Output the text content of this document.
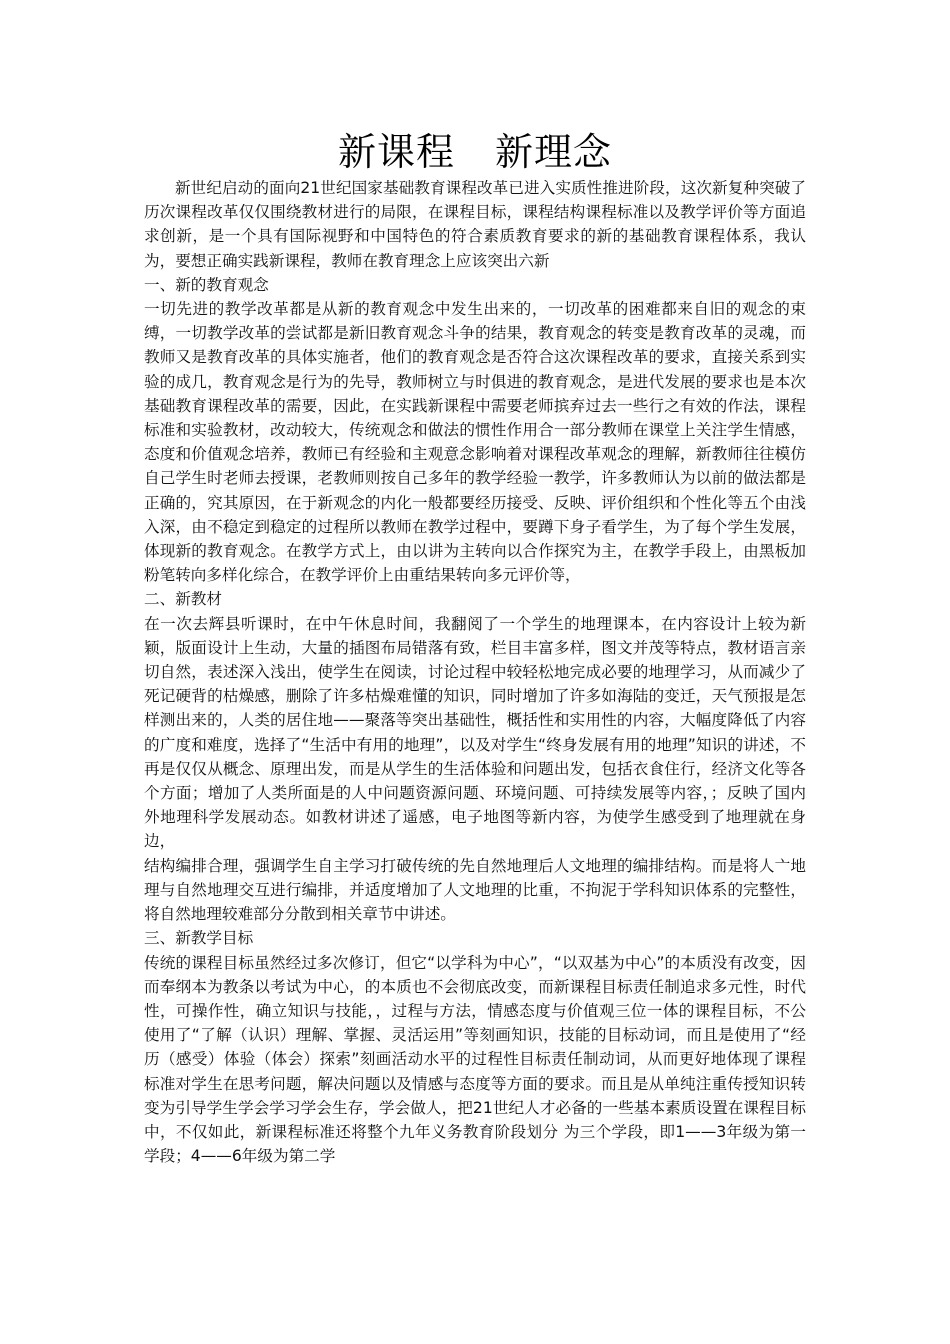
新课程 新理念

新世纪启动的面向21世纪国家基础教育课程改革已进入实质性推进阶段，这次新复种突破了历次课程改革仅仅围绕教材进行的局限，在课程目标，课程结构课程标准以及教学评价等方面追求创新，是一个具有国际视野和中国特色的符合素质教育要求的新的基础教育课程体系，我认为，要想正确实践新课程，教师在教育理念上应该突出六新

一、新的教育观念

一切先进的教学改革都是从新的教育观念中发生出来的，一切改革的困难都来自旧的观念的束缚，一切教学改革的尝试都是新旧教育观念斗争的结果，教育观念的转变是教育改革的灵魂，而教师又是教育改革的具体实施者，他们的教育观念是否符合这次课程改革的要求，直接关系到实验的成几，教育观念是行为的先导，教师树立与时俱进的教育观念，是进代发展的要求也是本次基础教育课程改革的需要，因此，在实践新课程中需要老师摈弃过去一些行之有效的作法，课程标准和实验教材，改动较大，传统观念和做法的惯性作用合一部分教师在课堂上关注学生情感，态度和价值观念培养，教师已有经验和主观意念影响着对课程改革观念的理解，新教师往往模仿自己学生时老师去授课，老教师则按自己多年的教学经验一教学，许多教师认为以前的做法都是正确的，究其原因，在于新观念的内化一般都要经历接受、反映、评价组织和个性化等五个由浅入深，由不稳定到稳定的过程所以教师在教学过程中，要蹲下身子看学生，为了每个学生发展，体现新的教育观念。在教学方式上，由以讲为主转向以合作探究为主，在教学手段上，由黑板加粉笔转向多样化综合，在教学评价上由重结果转向多元评价等，

二、新教材

在一次去辉县听课时，在中午休息时间，我翻阅了一个学生的地理课本，在内容设计上较为新颖，版面设计上生动，大量的插图布局错落有致，栏目丰富多样，图文并茂等特点，教材语言亲切自然，表述深入浅出，使学生在阅读，讨论过程中较轻松地完成必要的地理学习，从而减少了死记硬背的枯燥感，删除了许多枯燥难懂的知识，同时增加了许多如海陆的变迁，天气预报是怎样测出来的，人类的居住地——聚落等突出基础性，概括性和实用性的内容，大幅度降低了内容的广度和难度，选择了“生活中有用的地理”，以及对学生“终身发展有用的地理”知识的讲述，不再是仅仅从概念、原理出发，而是从学生的生活体验和问题出发，包括衣食住行，经济文化等各个方面；增加了人类所面是的人中问题资源问题、环境问题、可持续发展等内容，；反映了国内外地理科学发展动态。如教材讲述了遥感，电子地图等新内容，为使学生感受到了地理就在身边，

结构编排合理，强调学生自主学习打破传统的先自然地理后人文地理的编排结构。而是将人亠地理与自然地理交互进行编排，并适度增加了人文地理的比重，不拘泥于学科知识体系的完整性，将自然地理较难部分分散到相关章节中讲述。

三、新教学目标

传统的课程目标虽然经过多次修订，但它“以学科为中心”，“以双基为中心”的本质没有改变，因而奉纲本为教条以考试为中心，的本质也不会彻底改变，而新课程目标责任制追求多元性，时代性，可操作性，确立知识与技能，，过程与方法，情感态度与价值观三位一体的课程目标，不公使用了“了解（认识）理解、掌握、灵活运用”等刻画知识，技能的目标动词，而且是使用了“经历（感受）体验（体会）探索”刻画活动水平的过程性目标责任制动词，从而更好地体现了课程标准对学生在思考问题，解决问题以及情感与态度等方面的要求。而且是从单纯注重传授知识转变为引导学生学会学习学会生存，学会做人，把21世纪人才必备的一些基本素质设置在课程目标中，不仅如此，新课程标准还将整个九年义务教育阶段划分 为三个学段，即1——3年级为第一学段；4——6年级为第二学
